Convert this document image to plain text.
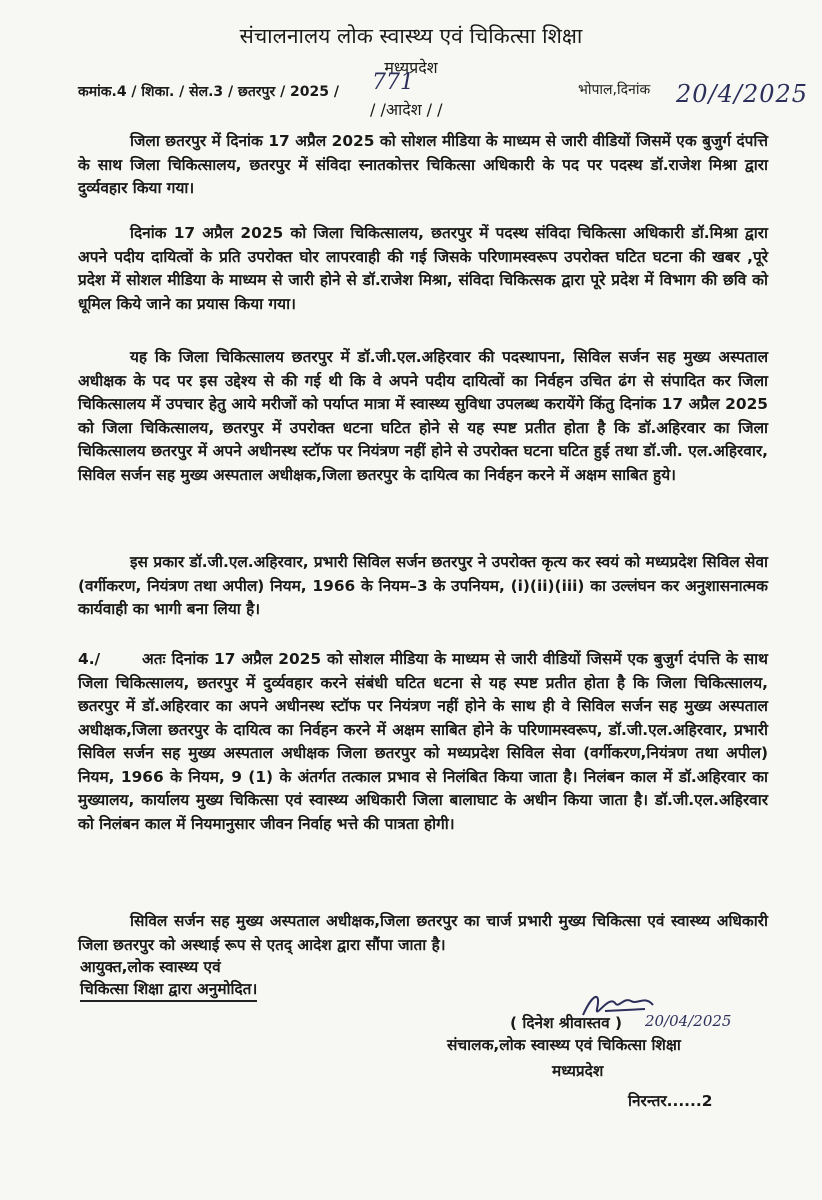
संचालनालय लोक स्वास्थ्य एवं चिकित्सा शिक्षा
मध्यप्रदेश
कमांक.4 / शिका. / सेल.3 / छतरपुर / 2025 / 771	भोपाल,दिनांक 20/4/2025
/ /आदेश / /

जिला छतरपुर में दिनांक 17 अप्रैल 2025 को सोशल मीडिया के माध्यम से जारी वीडियों जिसमें एक बुजुर्ग दंपत्ति के साथ जिला चिकित्सालय, छतरपुर में संविदा स्नातकोत्तर चिकित्सा अधिकारी के पद पर पदस्थ डॉ.राजेश मिश्रा द्वारा दुर्व्यवहार किया गया।

दिनांक 17 अप्रैल 2025 को जिला चिकित्सालय, छतरपुर में पदस्थ संविदा चिकित्सा अधिकारी डॉ.मिश्रा द्वारा अपने पदीय दायित्वों के प्रति उपरोक्त घोर लापरवाही की गई जिसके परिणामस्वरूप उपरोक्त घटित घटना की खबर ,पूरे प्रदेश में सोशल मीडिया के माध्यम से जारी होने से डॉ.राजेश मिश्रा, संविदा चिकित्सक द्वारा पूरे प्रदेश में विभाग की छवि को धूमिल किये जाने का प्रयास किया गया।

यह कि जिला चिकित्सालय छतरपुर में डॉ.जी.एल.अहिरवार की पदस्थापना, सिविल सर्जन सह मुख्य अस्पताल अधीक्षक के पद पर इस उद्देश्य से की गई थी कि वे अपने पदीय दायित्वों का निर्वहन उचित ढंग से संपादित कर जिला चिकित्सालय में उपचार हेतु आये मरीजों को पर्याप्त मात्रा में स्वास्थ्य सुविधा उपलब्ध करायेंगे किंतु दिनांक 17 अप्रैल 2025 को जिला चिकित्सालय, छतरपुर में उपरोक्त धटना घटित होने से यह स्पष्ट प्रतीत होता है कि डॉ.अहिरवार का जिला चिकित्सालय छतरपुर में अपने अधीनस्थ स्टॉफ पर नियंत्रण नहीं होने से उपरोक्त घटना घटित हुई तथा डॉ.जी. एल.अहिरवार, सिविल सर्जन सह मुख्य अस्पताल अधीक्षक,जिला छतरपुर के दायित्व का निर्वहन करने में अक्षम साबित हुये।

इस प्रकार डॉ.जी.एल.अहिरवार, प्रभारी सिविल सर्जन छतरपुर ने उपरोक्त कृत्य कर स्वयं को मध्यप्रदेश सिविल सेवा (वर्गीकरण, नियंत्रण तथा अपील) नियम, 1966 के नियम–3 के उपनियम, (i)(ii)(iii) का उल्लंघन कर अनुशासनात्मक कार्यवाही का भागी बना लिया है।

4./	अतः दिनांक 17 अप्रैल 2025 को सोशल मीडिया के माध्यम से जारी वीडियों जिसमें एक बुजुर्ग दंपत्ति के साथ जिला चिकित्सालय, छतरपुर में दुर्व्यवहार करने संबंधी घटित धटना से यह स्पष्ट प्रतीत होता है कि जिला चिकित्सालय, छतरपुर में डॉ.अहिरवार का अपने अधीनस्थ स्टॉफ पर नियंत्रण नहीं होने के साथ ही वे सिविल सर्जन सह मुख्य अस्पताल अधीक्षक,जिला छतरपुर के दायित्व का निर्वहन करने में अक्षम साबित होने के परिणामस्वरूप, डॉ.जी.एल.अहिरवार, प्रभारी सिविल सर्जन सह मुख्य अस्पताल अधीक्षक जिला छतरपुर को मध्यप्रदेश सिविल सेवा (वर्गीकरण,नियंत्रण तथा अपील) नियम, 1966 के नियम, 9 (1) के अंतर्गत तत्काल प्रभाव से निलंबित किया जाता है। निलंबन काल में डॉ.अहिरवार का मुख्यालय, कार्यालय मुख्य चिकित्सा एवं स्वास्थ्य अधिकारी जिला बालाघाट के अधीन किया जाता है। डॉ.जी.एल.अहिरवार को निलंबन काल में नियमानुसार जीवन निर्वाह भत्ते की पात्रता होगी।

सिविल सर्जन सह मुख्य अस्पताल अधीक्षक,जिला छतरपुर का चार्ज प्रभारी मुख्य चिकित्सा एवं स्वास्थ्य अधिकारी जिला छतरपुर को अस्थाई रूप से एतद् आदेश द्वारा सौंपा जाता है।

आयुक्त,लोक स्वास्थ्य एवं
चिकित्सा शिक्षा द्वारा अनुमोदित।
20/04/2025
( दिनेश श्रीवास्तव )
संचालक,लोक स्वास्थ्य एवं चिकित्सा शिक्षा
मध्यप्रदेश
निरन्तर......2
